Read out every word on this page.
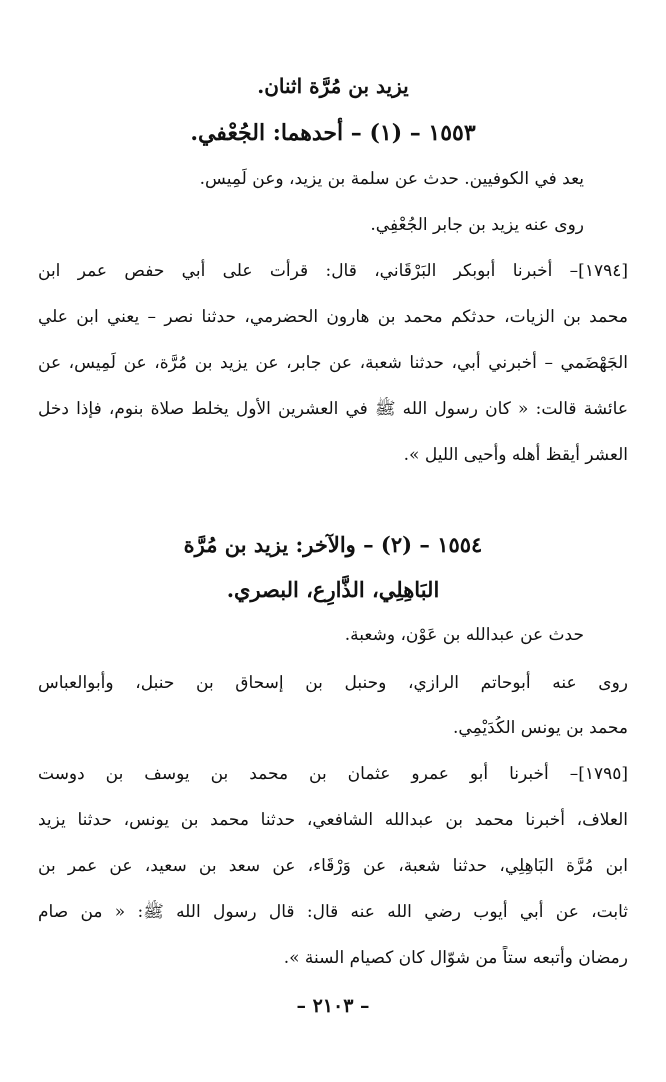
يزيد بن مُرَّة اثنان.
١٥٥٣ – (١) – أحدهما: الجُعْفي.
يعد في الكوفيين. حدث عن سلمة بن يزيد، وعن لَمِيس.
روى عنه يزيد بن جابر الجُعْفِي.
[١٧٩٤]– أخبرنا أبوبكر البَرْقَاني، قال: قرأت على أبي حفص عمر ابن
محمد بن الزيات، حدثكم محمد بن هارون الحضرمي، حدثنا نصر – يعني ابن علي
الجَهْضَمي – أخبرني أبي، حدثنا شعبة، عن جابر، عن يزيد بن مُرَّة، عن لَمِيس، عن
عائشة قالت: « كان رسول الله ﷺ في العشرين الأول يخلط صلاة بنوم، فإذا دخل
العشر أيقظ أهله وأحيى الليل ».
١٥٥٤ – (٢) – والآخر: يزيد بن مُرَّة
البَاهِلِي، الذَّارِع، البصري.
حدث عن عبدالله بن عَوْن، وشعبة.
روى عنه أبوحاتم الرازي، وحنبل بن إسحاق بن حنبل، وأبوالعباس
محمد بن يونس الكُدَيْمِي.
[١٧٩٥]– أخبرنا أبو عمرو عثمان بن محمد بن يوسف بن دوست
العلاف، أخبرنا محمد بن عبدالله الشافعي، حدثنا محمد بن يونس، حدثنا يزيد
ابن مُرَّة البَاهِلِي، حدثنا شعبة، عن وَرْقَاء، عن سعد بن سعيد، عن عمر بن
ثابت، عن أبي أيوب رضي الله عنه قال: قال رسول الله ﷺ: « من صام
رمضان وأتبعه ستاً من شوّال كان كصيام السنة ».
– ٢١٠٣ –
